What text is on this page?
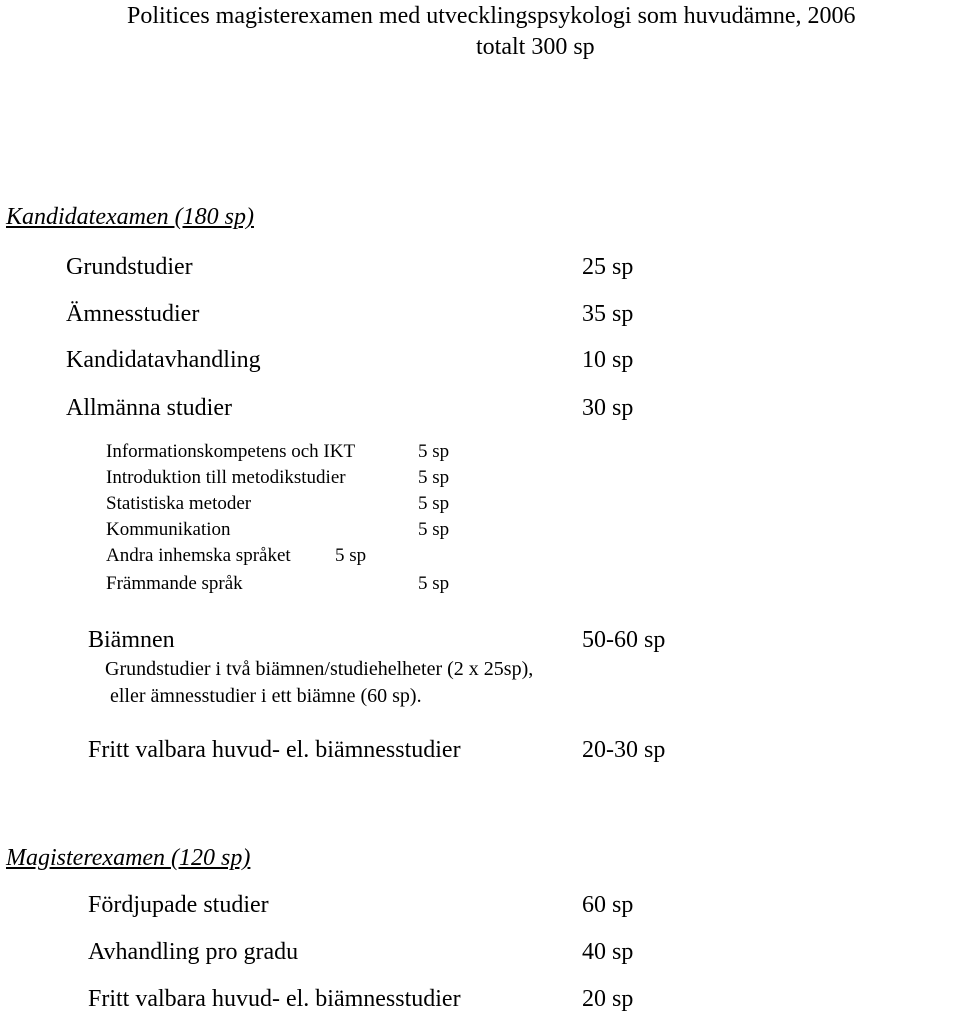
Politices magisterexamen med utvecklingspsykologi som huvudämne, 2006
totalt 300 sp
Kandidatexamen (180 sp)
Grundstudier	25 sp
Ämnesstudier	35 sp
Kandidatavhandling	10 sp
Allmänna studier	30 sp
Informationskompetens och IKT	5 sp
Introduktion till metodikstudier	5 sp
Statistiska metoder	5 sp
Kommunikation	5 sp
Andra inhemska språket 5 sp
Främmande språk	5 sp
Biämnen	50-60 sp
Grundstudier i två biämnen/studiehelheter (2 x 25sp),
eller ämnesstudier i ett biämne (60 sp).
Fritt valbara huvud- el. biämnesstudier	20-30 sp
Magisterexamen (120 sp)
Fördjupade studier	60 sp
Avhandling pro gradu	40 sp
Fritt valbara huvud- el. biämnesstudier	20 sp
